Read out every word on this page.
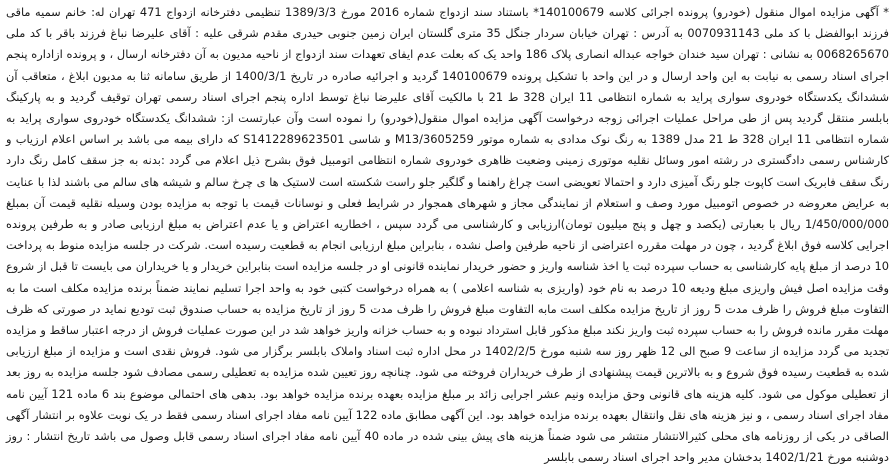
* آگهی مزایده اموال منقول (خودرو) پرونده اجرائی کلاسه 140100679* باستناد سند ازدواج شماره 2016 مورخ 1389/3/3 تنظیمی دفترخانه ازدواج 471 تهران له: خانم سمیه ماقی فرزند ابوالفضل با کد ملی 0070931143 به آدرس : تهران خیابان سردار جنگل 35 متری گلستان ایران زمین جنوبی حیدری مقدم شرقی علیه : آقای علیرضا نباغ فرزند باقر با کد ملی 0068265670 به نشانی : تهران سید خندان خواجه عبداله انصاری پلاک 186 واحد یک که بعلت عدم ایفای تعهدات سند ازدواج از ناحیه مدیون به آن دفترخانه ارسال ، و پرونده ازاداره پنجم اجرای اسناد رسمی به نیابت به این واحد ارسال و در این واحد با تشکیل پرونده 140100679 گردید و اجرائیه صادره در تاریخ 1400/3/1 از طریق سامانه ثنا به مدیون ابلاغ ، متعاقب آن ششدانگ یکدستگاه خودروی سواری پراید به شماره انتظامی 11 ایران 328 ط 21 با مالکیت آقای علیرضا نباغ توسط اداره پنجم اجرای اسناد رسمی تهران توقیف گردید و به پارکینگ بابلسر منتقل گردید پس از طی مراحل عملیات اجرائی زوجه درخواست آگهی مزایده اموال منقول(خودرو) را نموده است وآن عبارتست از: ششدانگ یکدستگاه خودروی سواری پراید به شماره انتظامی 11 ایران 328 ط 21 مدل 1389 به رنگ نوک مدادی به شماره موتور M13/3605259 و شاسی S1412289623501 که دارای بیمه می باشد بر اساس اعلام ارزیاب و کارشناس رسمی دادگستری در رشته امور وسائل نقلیه موتوری زمینی وضعیت ظاهری خودروی شماره انتظامی اتومبیل فوق بشرح ذیل اعلام می گردد :بدنه به جز سقف کامل رنگ دارد رنگ سقف فابریک است کاپوت جلو رنگ آمیزی دارد و احتمالا تعویضی است چراغ راهنما و گلگیر جلو راست شکسته است لاستیک ها ی چرخ سالم و شیشه های سالم می باشند لذا با عنایت به عرایض معروضه در خصوص اتومبیل مورد وصف و استعلام از نمایندگی مجاز و شهرهای همجوار در شرایط فعلی و نوسانات قیمت با توجه به مزایده بودن وسیله نقلیه قیمت آن بمبلغ 1/450/000/000 ریال با بعبارتی (یکصد و چهل و پنج میلیون تومان)ارزیابی و کارشناسی می گردد سپس ، اخطاریه اعتراض و یا عدم اعتراض به مبلغ ارزیابی صادر و به طرفین پرونده اجرایی کلاسه فوق ابلاغ گردید ، چون در مهلت مقرره اعتراضی از ناحیه طرفین واصل نشده ، بنابراین مبلغ ارزیابی انجام به قطعیت رسیده است. شرکت در جلسه مزایده منوط به پرداخت 10 درصد از مبلغ پایه کارشناسی به حساب سپرده ثبت یا اخذ شناسه واریز و حضور خریدار نماینده قانونی او در جلسه مزایده است بنابراین خریدار و یا خریداران می بایست تا قبل از شروع وقت مزایده اصل فیش واریزی مبلغ ودیعه 10 درصد به نام خود (واریزی به شناسه اعلامی ) به همراه درخواست کتبی خود به واحد اجرا تسلیم نمایند ضمناً برنده مزایده مکلف است ما به التفاوت مبلغ فروش را ظرف مدت 5 روز از تاریخ مزایده مکلف است مابه التفاوت مبلغ فروش را ظرف مدت 5 روز از تاریخ مزایده به حساب صندوق ثبت تودیع نماید در صورتی که ظرف مهلت مقرر مانده فروش را به حساب سپرده ثبت واریز نکند مبلغ مذکور قابل استرداد نبوده و به حساب خزانه واریز خواهد شد در این صورت عملیات فروش از درجه اعتبار ساقط و مزایده تجدید می گردد مزایده از ساعت 9 صبح الی 12 ظهر روز سه شنبه مورخ 1402/2/5 در محل اداره ثبت اسناد واملاک بابلسر برگزار می شود. فروش نقدی است و مزایده از مبلغ ارزیابی شده به قطعیت رسیده فوق شروع و به بالاترین قیمت پیشنهادی از طرف خریداران فروخته می شود. چنانچه روز تعیین شده مزایده به تعطیلی رسمی مصادف شود جلسه مزایده به روز بعد از تعطیلی موکول می شود. کلیه هزینه های قانونی وحق مزایده ونیم عشر اجرایی زائد بر مبلغ مزایده بعهده برنده مزایده خواهد بود. بدهی های احتمالی موضوع بند 6 ماده 121 آیین نامه مفاد اجرای اسناد رسمی ، و نیز هزینه های نقل وانتقال بعهده برنده مزایده خواهد بود. این آگهی مطابق ماده 122 آیین نامه مفاد اجرای اسناد رسمی فقط در یک نوبت علاوه بر انتشار آگهی الصاقی در یکی از روزنامه های محلی کثیرالانتشار منتشر می شود ضمناً هزینه های پیش بینی شده در ماده 40 آیین نامه مفاد اجرای اسناد رسمی قابل وصول می باشد تاریخ انتشار : روز دوشنبه مورخ 1402/1/21 بدخشان مدیر واحد اجرای اسناد رسمی بابلسر
